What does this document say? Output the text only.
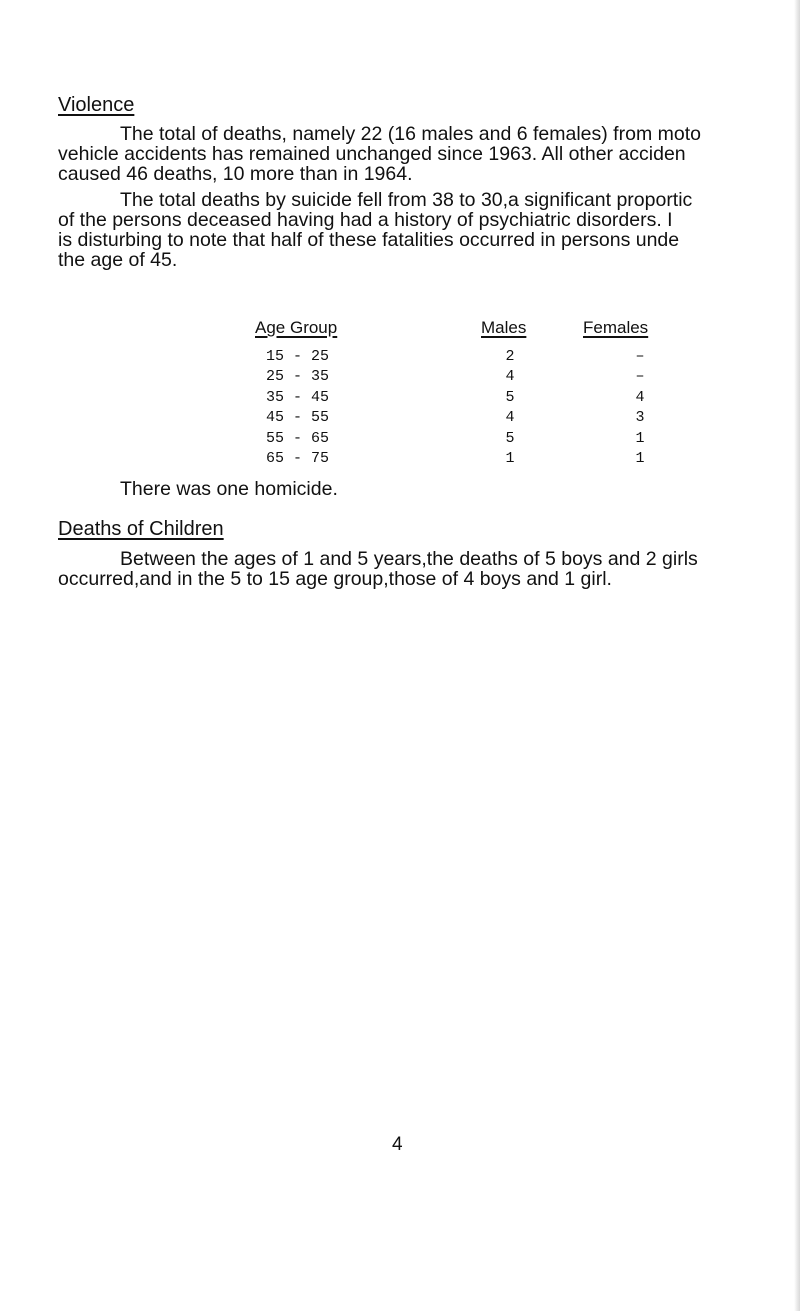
Violence

The total of deaths, namely 22 (16 males and 6 females) from moto
vehicle accidents has remained unchanged since 1963. All other acciden
caused 46 deaths, 10 more than in 1964.

The total deaths by suicide fell from 38 to 30,a significant proportic
of the persons deceased having had a history of psychiatric disorders. I
is disturbing to note that half of these fatalities occurred in persons unde
the age of 45.

Age Group	Males	Females
15 - 25	2	–
25 - 35	4	–
35 - 45	5	4
45 - 55	4	3
55 - 65	5	1
65 - 75	1	1

There was one homicide.

Deaths of Children

Between the ages of 1 and 5 years,the deaths of 5 boys and 2 girls
occurred,and in the 5 to 15 age group,those of 4 boys and 1 girl.

4
